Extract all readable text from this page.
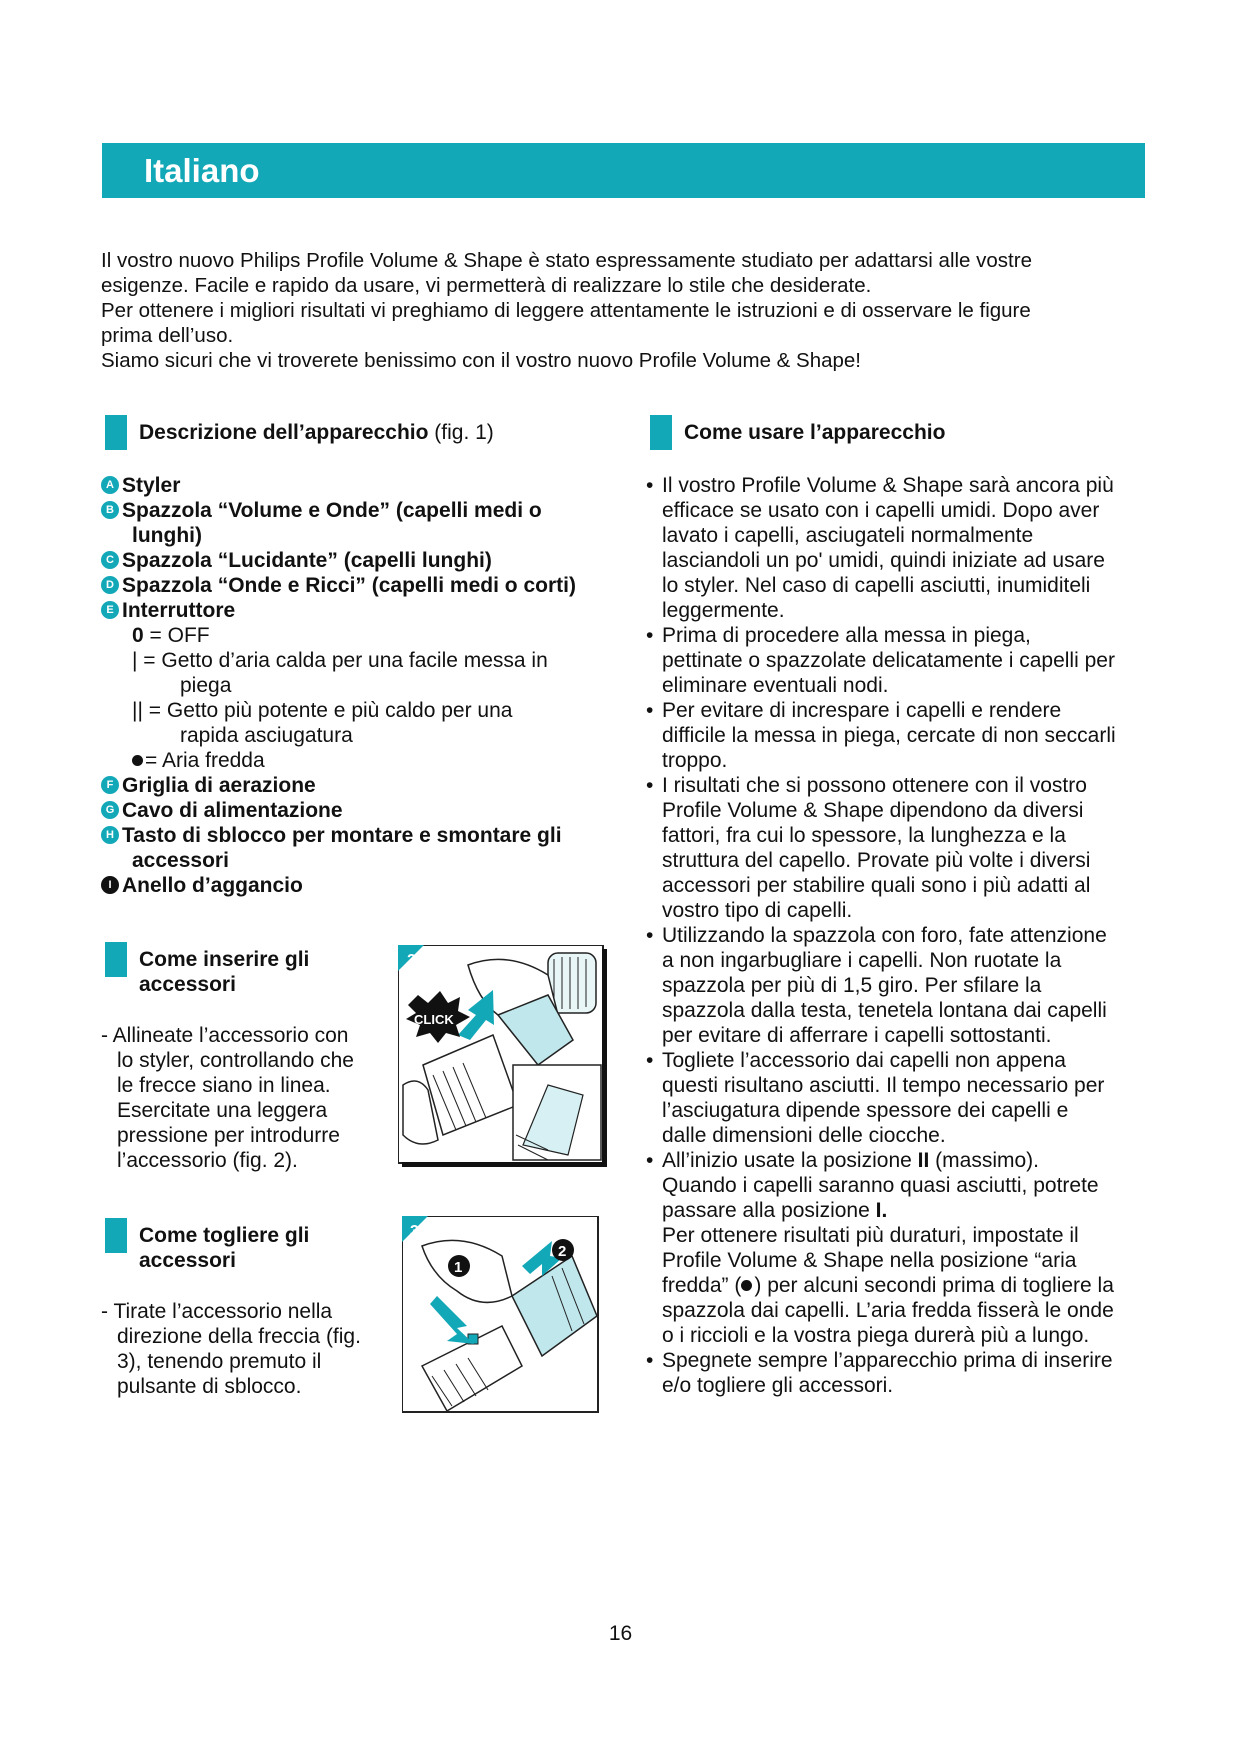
Italiano

Il vostro nuovo Philips Profile Volume & Shape è stato espressamente studiato per adattarsi alle vostre

esigenze. Facile e rapido da usare, vi permetterà di realizzare lo stile che desiderate.

Per ottenere i migliori risultati vi preghiamo di leggere attentamente le istruzioni e di osservare le figure

prima dell’uso.

Siamo sicuri che vi troverete benissimo con il vostro nuovo Profile Volume & Shape!

Descrizione dell’apparecchio (fig. 1)
A Styler
B Spazzola “Volume e Onde” (capelli medi o
lunghi)
C Spazzola “Lucidante” (capelli lunghi)
D Spazzola “Onde e Ricci” (capelli medi o corti)
E Interruttore
0 = OFF
| = Getto d’aria calda per una facile messa in
piega
|| = Getto più potente e più caldo per una
rapida asciugatura
= Aria fredda
F Griglia di aerazione
G Cavo di alimentazione
H Tasto di sblocco per montare e smontare gli
accessori
I Anello d’aggancio
Come inserire gli
accessori
- Allineate l’accessorio con
lo styler, controllando che
le frecce siano in linea.
Esercitate una leggera
pressione per introdurre
l’accessorio (fig. 2).
2
CLICK
Come togliere gli
accessori
- Tirate l’accessorio nella
direzione della freccia (fig.
3), tenendo premuto il
pulsante di sblocco.
3
1
2
Come usare l’apparecchio
• Il vostro Profile Volume & Shape sarà ancora più
efficace se usato con i capelli umidi. Dopo aver
lavato i capelli, asciugateli normalmente
lasciandoli un po' umidi, quindi iniziate ad usare
lo styler. Nel caso di capelli asciutti, inumiditeli
leggermente.
• Prima di procedere alla messa in piega,
pettinate o spazzolate delicatamente i capelli per
eliminare eventuali nodi.
• Per evitare di increspare i capelli e rendere
difficile la messa in piega, cercate di non seccarli
troppo.
• I risultati che si possono ottenere con il vostro
Profile Volume & Shape dipendono da diversi
fattori, fra cui lo spessore, la lunghezza e la
struttura del capello. Provate più volte i diversi
accessori per stabilire quali sono i più adatti al
vostro tipo di capelli.
• Utilizzando la spazzola con foro, fate attenzione
a non ingarbugliare i capelli. Non ruotate la
spazzola per più di 1,5 giro. Per sfilare la
spazzola dalla testa, tenetela lontana dai capelli
per evitare di afferrare i capelli sottostanti.
• Togliete l’accessorio dai capelli non appena
questi risultano asciutti. Il tempo necessario per
l’asciugatura dipende spessore dei capelli e
dalle dimensioni delle ciocche.
• All’inizio usate la posizione II (massimo).
Quando i capelli saranno quasi asciutti, potrete
passare alla posizione I.
Per ottenere risultati più duraturi, impostate il
Profile Volume & Shape nella posizione “aria
fredda” ( ) per alcuni secondi prima di togliere la
spazzola dai capelli. L’aria fredda fisserà le onde
o i riccioli e la vostra piega durerà più a lungo.
• Spegnete sempre l’apparecchio prima di inserire
e/o togliere gli accessori.
16
